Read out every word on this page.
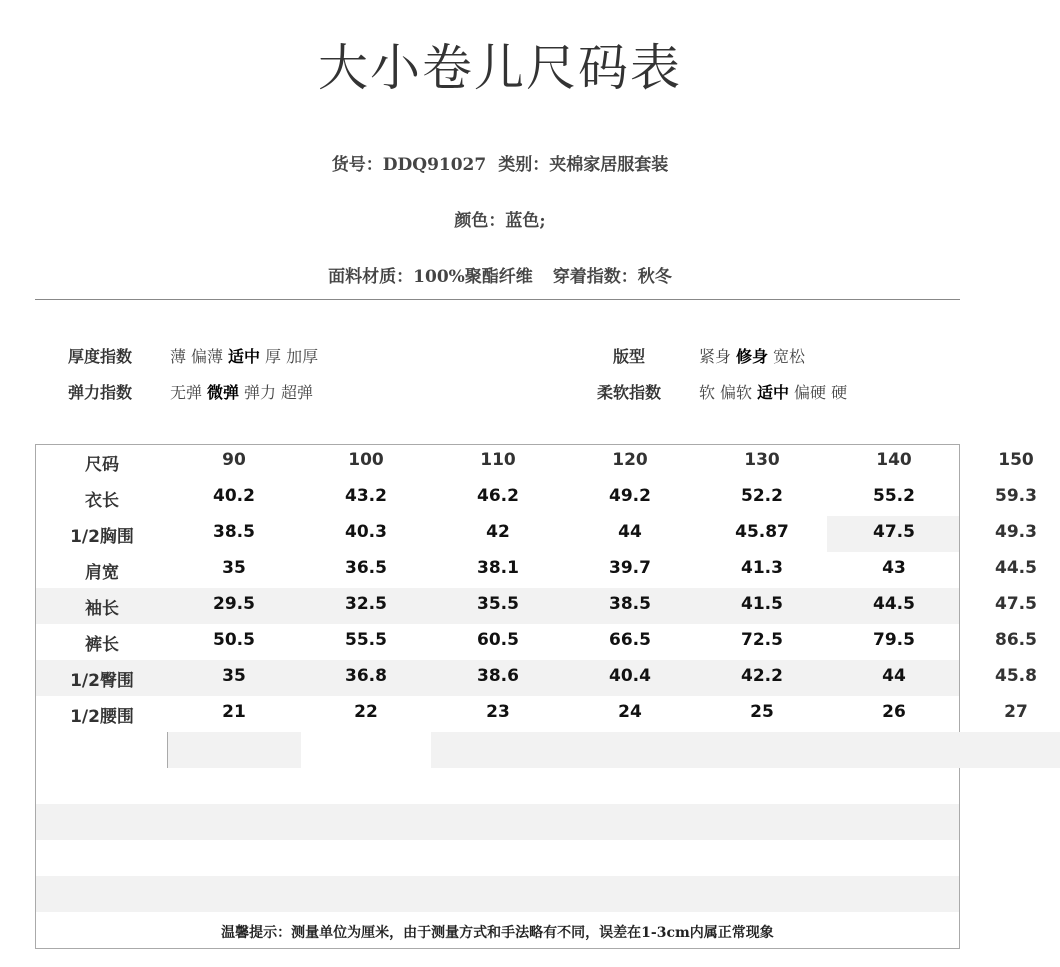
大小卷儿尺码表
货号：DDQ91027 类别：夹棉家居服套装
颜色：蓝色;
面料材质：100%聚酯纤维 穿着指数：秋冬
厚度指数 薄 偏薄 适中 厚 加厚	版型	紧身 修身 宽松
弹力指数 无弹 微弹 弹力 超弹	柔软指数 软 偏软 适中 偏硬 硬
尺码	90	100	110	120	130	140	150
衣长	40.2	43.2	46.2	49.2	52.2	55.2	59.3
1/2胸围	38.5	40.3	42	44	45.87	47.5	49.3
肩宽	35	36.5	38.1	39.7	41.3	43	44.5
袖长	29.5	32.5	35.5	38.5	41.5	44.5	47.5
裤长	50.5	55.5	60.5	66.5	72.5	79.5	86.5
1/2臀围	35	36.8	38.6	40.4	42.2	44	45.8
1/2腰围	21	22	23	24	25	26	27
温馨提示：测量单位为厘米，由于测量方式和手法略有不同，误差在1-3cm内属正常现象
